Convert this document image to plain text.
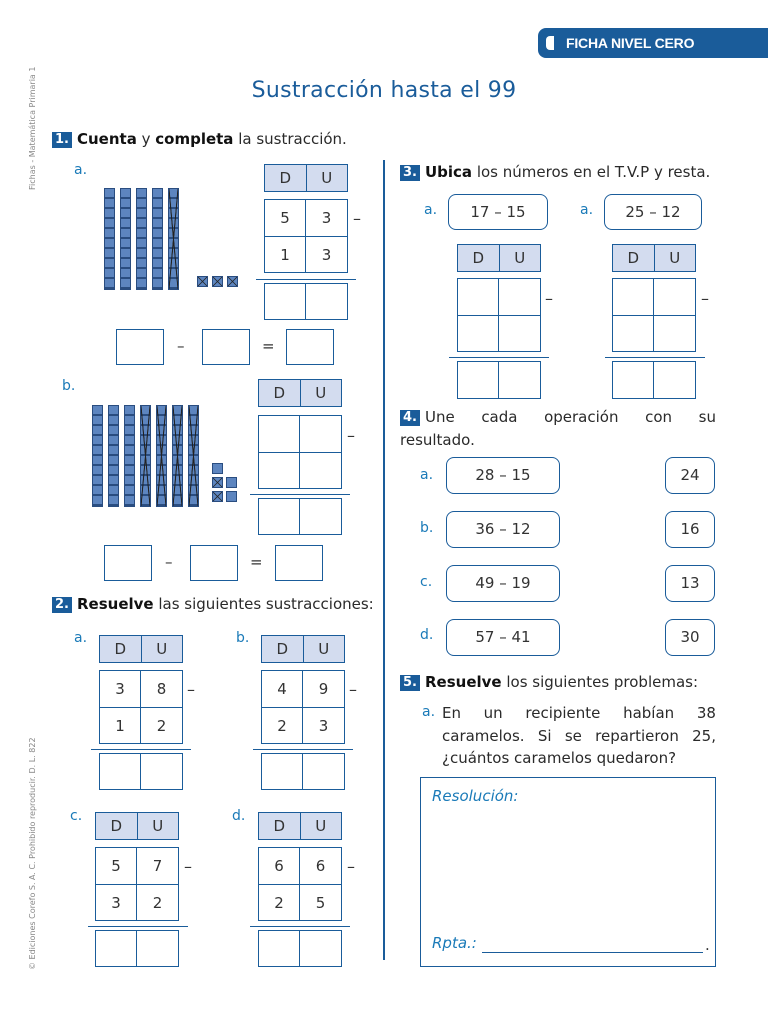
FICHA NIVEL CERO
Fichas - Matemática Primaria 1
© Ediciones Corefo S. A. C. Prohibido reproducir. D. L. 822
Sustracción hasta el 99
1. Cuenta y completa la sustracción.
a.	D	U
5	3
1	3
–
–	=
b.	D	U
–
–	=
2. Resuelve las siguientes sustracciones:
a.
D	U
3	8
1	2
–
b.
D	U
4	9
2	3
–
c.
D	U
5	7
3	2
–
d.
D	U
6	6
2	5
–
3. Ubica los números en el T.V.P y resta.
a.	17 – 15	a.	25 – 12
D	U
–
D	U
–
4. Une cada operación con su
resultado.
a.	28 – 15	24
b.	36 – 12	16
c.	49 – 19	13
d.	57 – 41	30
5. Resuelve los siguientes problemas:
a. En un recipiente habían 38
caramelos. Si se repartieron 25,
¿cuántos caramelos quedaron?
Resolución:
Rpta.:	.
